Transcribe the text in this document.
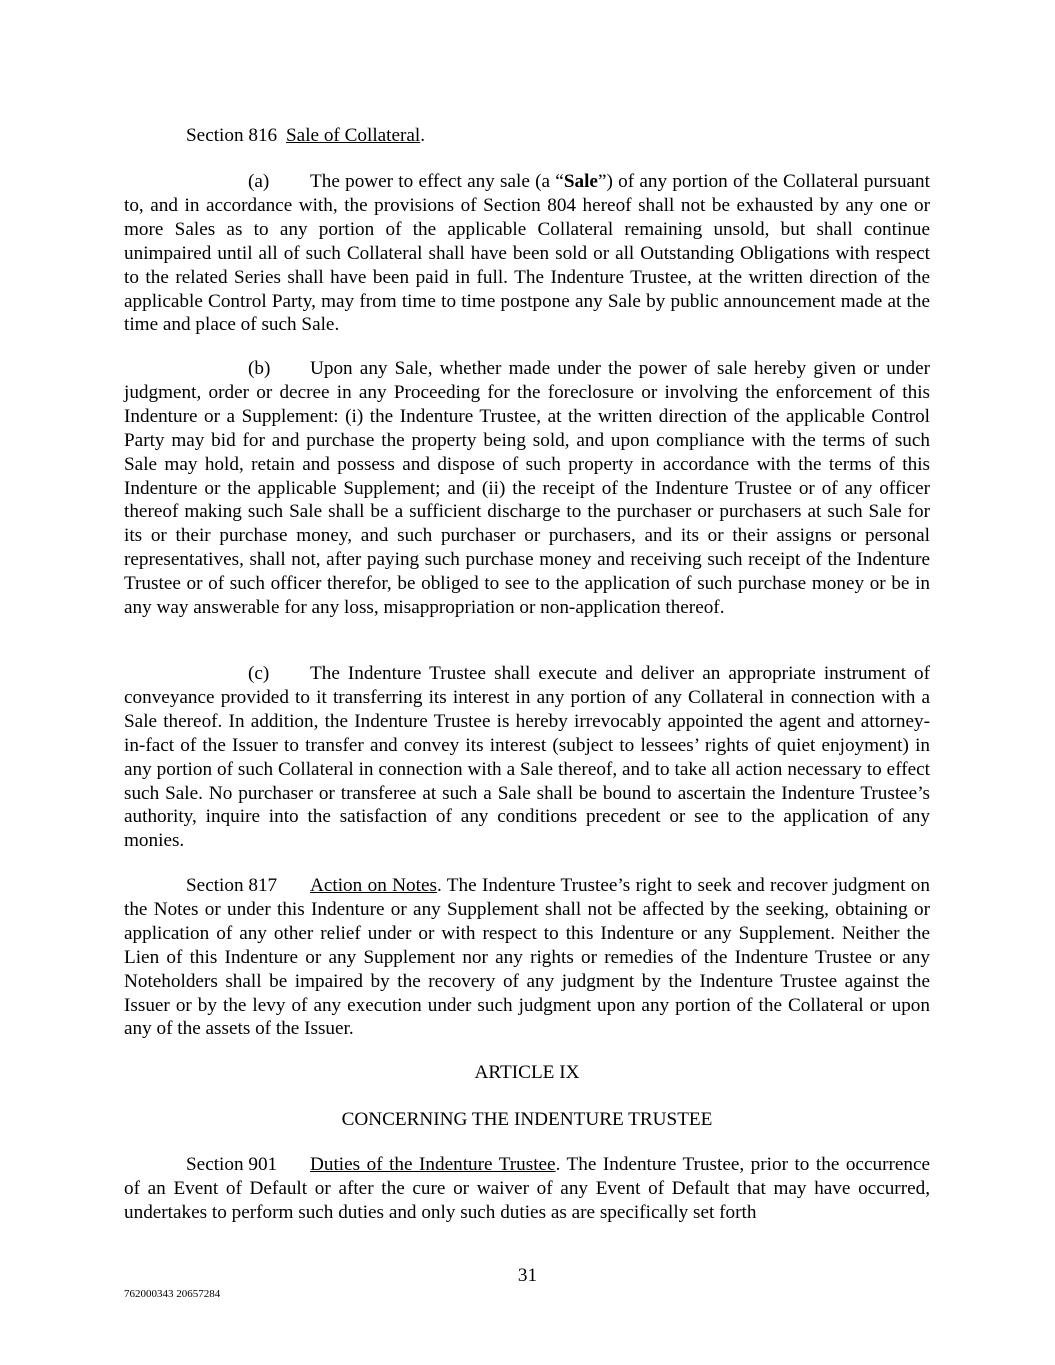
Section 816 Sale of Collateral.

(a) The power to effect any sale (a “Sale”) of any portion of the Collateral pursuant to, and in accordance with, the provisions of Section 804 hereof shall not be exhausted by any one or more Sales as to any portion of the applicable Collateral remaining unsold, but shall continue unimpaired until all of such Collateral shall have been sold or all Outstanding Obligations with respect to the related Series shall have been paid in full. The Indenture Trustee, at the written direction of the applicable Control Party, may from time to time postpone any Sale by public announcement made at the time and place of such Sale.

(b) Upon any Sale, whether made under the power of sale hereby given or under judgment, order or decree in any Proceeding for the foreclosure or involving the enforcement of this Indenture or a Supplement: (i) the Indenture Trustee, at the written direction of the applicable Control Party may bid for and purchase the property being sold, and upon compliance with the terms of such Sale may hold, retain and possess and dispose of such property in accordance with the terms of this Indenture or the applicable Supplement; and (ii) the receipt of the Indenture Trustee or of any officer thereof making such Sale shall be a sufficient discharge to the purchaser or purchasers at such Sale for its or their purchase money, and such purchaser or purchasers, and its or their assigns or personal representatives, shall not, after paying such purchase money and receiving such receipt of the Indenture Trustee or of such officer therefor, be obliged to see to the application of such purchase money or be in any way answerable for any loss, misappropriation or non-application thereof.

(c) The Indenture Trustee shall execute and deliver an appropriate instrument of conveyance provided to it transferring its interest in any portion of any Collateral in connection with a Sale thereof. In addition, the Indenture Trustee is hereby irrevocably appointed the agent and attorney-in-fact of the Issuer to transfer and convey its interest (subject to lessees’ rights of quiet enjoyment) in any portion of such Collateral in connection with a Sale thereof, and to take all action necessary to effect such Sale. No purchaser or transferee at such a Sale shall be bound to ascertain the Indenture Trustee’s authority, inquire into the satisfaction of any conditions precedent or see to the application of any monies.

Section 817 Action on Notes. The Indenture Trustee’s right to seek and recover judgment on the Notes or under this Indenture or any Supplement shall not be affected by the seeking, obtaining or application of any other relief under or with respect to this Indenture or any Supplement. Neither the Lien of this Indenture or any Supplement nor any rights or remedies of the Indenture Trustee or any Noteholders shall be impaired by the recovery of any judgment by the Indenture Trustee against the Issuer or by the levy of any execution under such judgment upon any portion of the Collateral or upon any of the assets of the Issuer.

ARTICLE IX

CONCERNING THE INDENTURE TRUSTEE

Section 901 Duties of the Indenture Trustee. The Indenture Trustee, prior to the occurrence of an Event of Default or after the cure or waiver of any Event of Default that may have occurred, undertakes to perform such duties and only such duties as are specifically set forth

31
762000343 20657284
